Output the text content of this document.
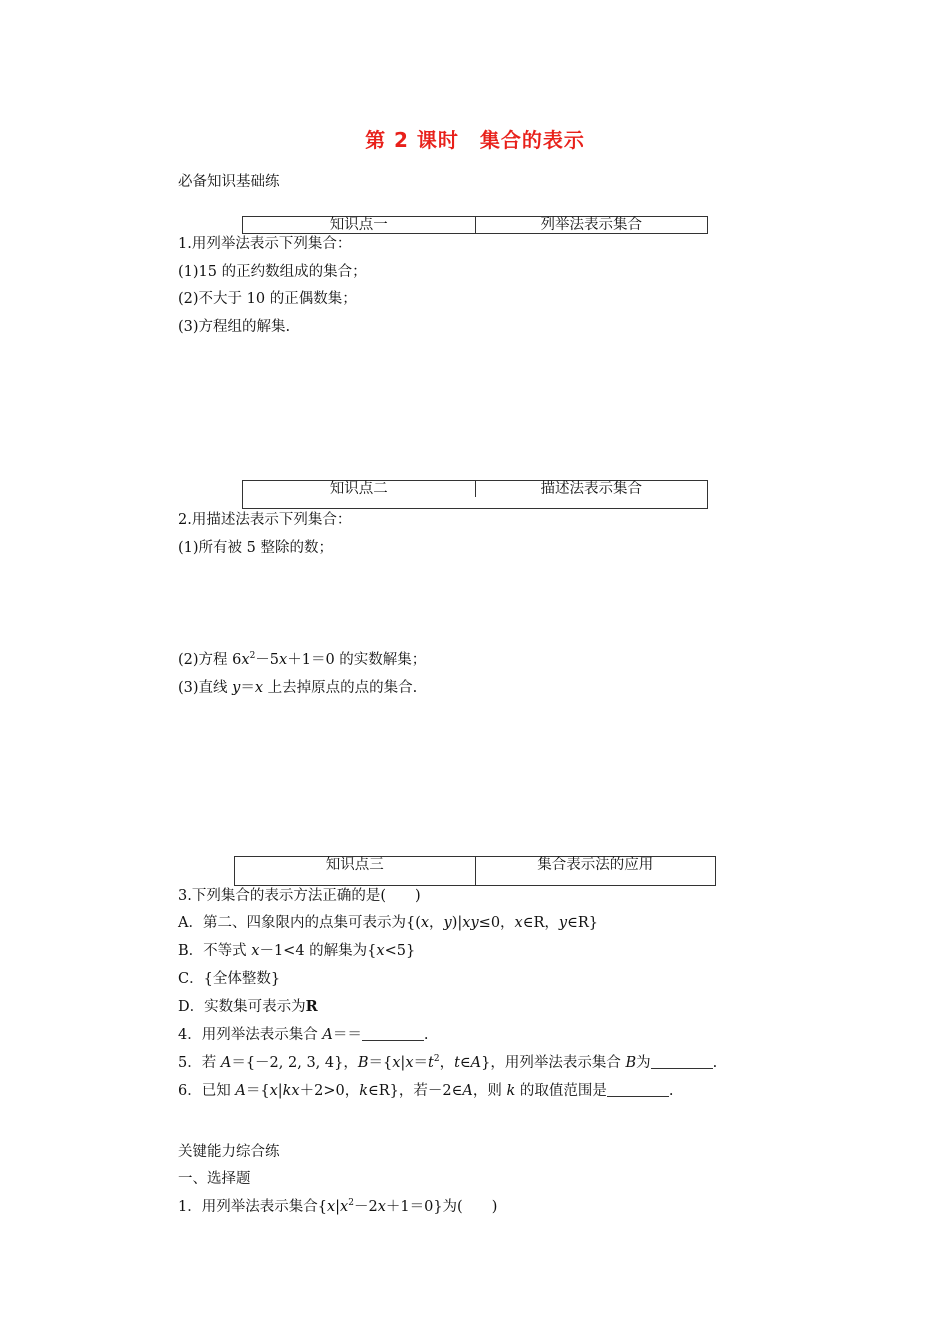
第 2 课时　集合的表示
必备知识基础练
知识点一	列举法表示集合
1.用列举法表示下列集合：
(1)15 的正约数组成的集合；
(2)不大于 10 的正偶数集；
(3)方程组的解集.
知识点二	描述法表示集合
2.用描述法表示下列集合：
(1)所有被 5 整除的数；
(2)方程 $6x^2-5x+1=0$ 的实数解集；
(3)直线 y＝x 上去掉原点的点的集合.
知识点三	集合表示法的应用
3.下列集合的表示方法正确的是(　　)
A．第二、四象限内的点集可表示为{(x，y)|xy≤0，x∈R，y∈R}
B．不等式 x－1<4 的解集为{x<5}
C．{全体整数}
D．实数集可表示为R
4．用列举法表示集合 A＝＝	.
5．若 A＝{－2, 2, 3, 4}，$B=\{x|x=t^2$，t∈A}，用列举法表示集合 B为	.
6．已知 A＝{x|kx＋2>0，k∈R}，若－2∈A，则 k 的取值范围是	.
关键能力综合练
一、选择题
1．用列举法表示集合$\{x|x^2-2x+1=0\}$为(　　)
